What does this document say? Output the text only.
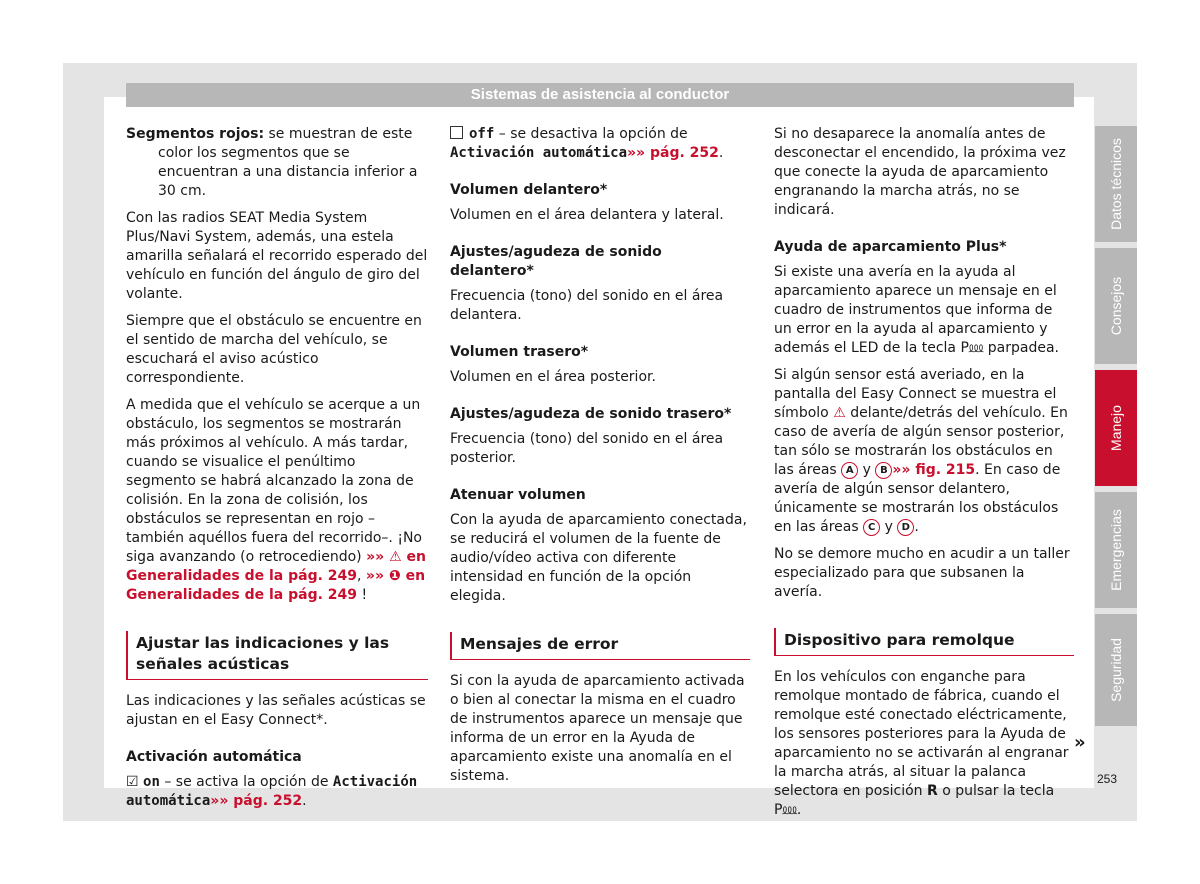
Sistemas de asistencia al conductor

Segmentos rojos: se muestran de este color los segmentos que se encuentran a una distancia inferior a 30 cm.

Con las radios SEAT Media System Plus/Navi System, además, una estela amarilla señalará el recorrido esperado del vehículo en función del ángulo de giro del volante.

Siempre que el obstáculo se encuentre en el sentido de marcha del vehículo, se escuchará el aviso acústico correspondiente.

A medida que el vehículo se acerque a un obstáculo, los segmentos se mostrarán más próximos al vehículo. A más tardar, cuando se visualice el penúltimo segmento se habrá alcanzado la zona de colisión. En la zona de colisión, los obstáculos se representan en rojo –también aquéllos fuera del recorrido–. ¡No siga avanzando (o retrocediendo) »» ⚠ en Generalidades de la pág. 249, »» ❶ en Generalidades de la pág. 249 !

Ajustar las indicaciones y las señales acústicas

Las indicaciones y las señales acústicas se ajustan en el Easy Connect*.

Activación automática

☑ on – se activa la opción de Activación automática»» pág. 252.

off – se desactiva la opción de Activación automática»» pág. 252.

Volumen delantero*

Volumen en el área delantera y lateral.

Ajustes/agudeza de sonido delantero*

Frecuencia (tono) del sonido en el área delantera.

Volumen trasero*

Volumen en el área posterior.

Ajustes/agudeza de sonido trasero*

Frecuencia (tono) del sonido en el área posterior.

Atenuar volumen

Con la ayuda de aparcamiento conectada, se reducirá el volumen de la fuente de audio/vídeo activa con diferente intensidad en función de la opción elegida.

Mensajes de error

Si con la ayuda de aparcamiento activada o bien al conectar la misma en el cuadro de instrumentos aparece un mensaje que informa de un error en la Ayuda de aparcamiento existe una anomalía en el sistema.

Si no desaparece la anomalía antes de desconectar el encendido, la próxima vez que conecte la ayuda de aparcamiento engranando la marcha atrás, no se indicará.

Ayuda de aparcamiento Plus*

Si existe una avería en la ayuda al aparcamiento aparece un mensaje en el cuadro de instrumentos que informa de un error en la ayuda al aparcamiento y además el LED de la tecla P⅏ parpadea.

Si algún sensor está averiado, en la pantalla del Easy Connect se muestra el símbolo ⚠ delante/detrás del vehículo. En caso de avería de algún sensor posterior, tan sólo se mostrarán los obstáculos en las áreas A y B »» fig. 215. En caso de avería de algún sensor delantero, únicamente se mostrarán los obstáculos en las áreas C y D .

No se demore mucho en acudir a un taller especializado para que subsanen la avería.

Dispositivo para remolque

En los vehículos con enganche para remolque montado de fábrica, cuando el remolque esté conectado eléctricamente, los sensores posteriores para la Ayuda de aparcamiento no se activarán al engranar la marcha atrás, al situar la palanca selectora en posición R o pulsar la tecla P⅏.

»
Datos técnicos
Consejos
Manejo
Emergencias
Seguridad
253
